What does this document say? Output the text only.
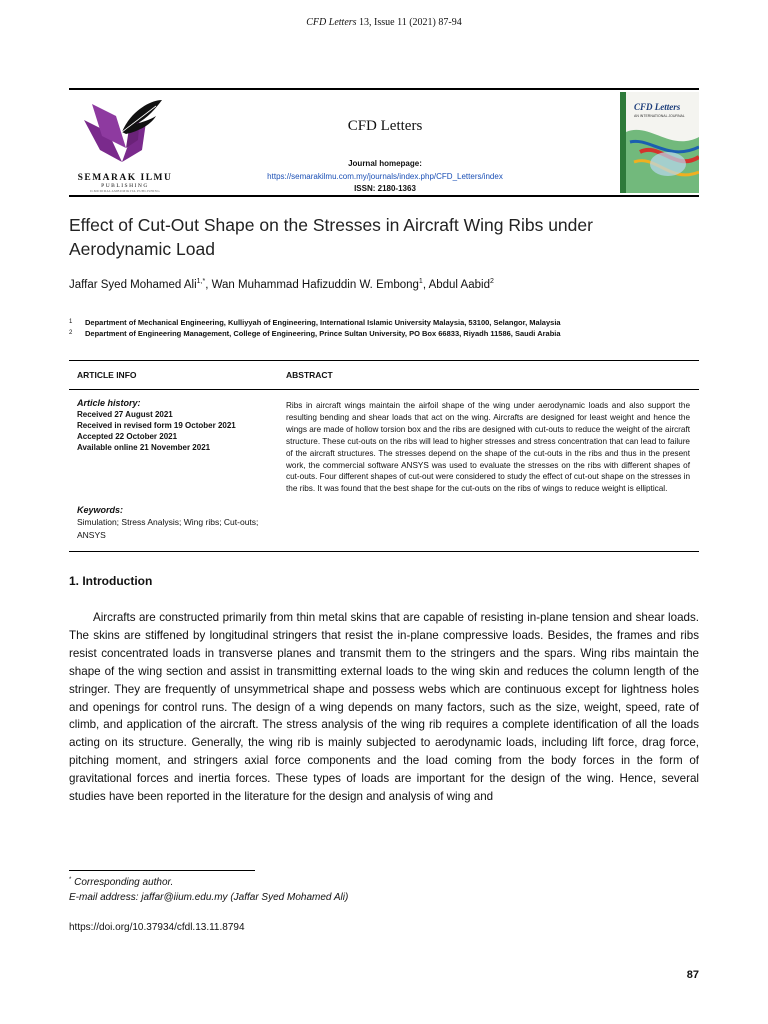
CFD Letters 13, Issue 11 (2021) 87-94
SEMARAK ILMU
PUBLISHING
ILMUDIDALAMBUMIKITA PUBLISHING
CFD Letters
Journal homepage:
https://semarakilmu.com.my/journals/index.php/CFD_Letters/index
ISSN: 2180-1363
CFD Letters
AN INTERNATIONAL JOURNAL
Effect of Cut-Out Shape on the Stresses in Aircraft Wing Ribs under Aerodynamic Load
Jaffar Syed Mohamed Ali$^{1,*}$, Wan Muhammad Hafizuddin W. Embong$^1$, Abdul Aabid$^2$
1 Department of Mechanical Engineering, Kulliyyah of Engineering, International Islamic University Malaysia, 53100, Selangor, Malaysia
2 Department of Engineering Management, College of Engineering, Prince Sultan University, PO Box 66833, Riyadh 11586, Saudi Arabia
ARTICLE INFO	ABSTRACT
Article history:
Received 27 August 2021
Received in revised form 19 October 2021
Accepted 22 October 2021
Available online 21 November 2021
Keywords:
Simulation; Stress Analysis; Wing ribs; Cut-outs; ANSYS
Ribs in aircraft wings maintain the airfoil shape of the wing under aerodynamic loads and also support the resulting bending and shear loads that act on the wing. Aircrafts are designed for least weight and hence the wings are made of hollow torsion box and the ribs are designed with cut-outs to reduce the weight of the aircraft structure. These cut-outs on the ribs will lead to higher stresses and stress concentration that can lead to failure of the aircraft structures. The stresses depend on the shape of the cut-outs in the ribs and thus in the present work, the commercial software ANSYS was used to evaluate the stresses on the ribs with different shapes of cut-outs. Four different shapes of cut-out were considered to study the effect of cut-out shape on the stresses in the ribs. It was found that the best shape for the cut-outs on the ribs of wings to reduce weight is elliptical.
1. Introduction
Aircrafts are constructed primarily from thin metal skins that are capable of resisting in-plane tension and shear loads. The skins are stiffened by longitudinal stringers that resist the in-plane compressive loads. Besides, the frames and ribs resist concentrated loads in transverse planes and transmit them to the stringers and the spars. Wing ribs maintain the shape of the wing section and assist in transmitting external loads to the wing skin and reduces the column length of the stringer. They are frequently of unsymmetrical shape and possess webs which are continuous except for lightness holes and openings for control runs. The design of a wing depends on many factors, such as the size, weight, speed, rate of climb, and application of the aircraft. The stress analysis of the wing rib requires a complete identification of all the loads acting on its structure. Generally, the wing rib is mainly subjected to aerodynamic loads, including lift force, drag force, pitching moment, and stringers axial force components and the load coming from the body forces in the form of gravitational forces and inertia forces. These types of loads are important for the design of the wing. Hence, several studies have been reported in the literature for the design and analysis of wing and
* Corresponding author.
E-mail address: jaffar@iium.edu.my (Jaffar Syed Mohamed Ali)
https://doi.org/10.37934/cfdl.13.11.8794
87
